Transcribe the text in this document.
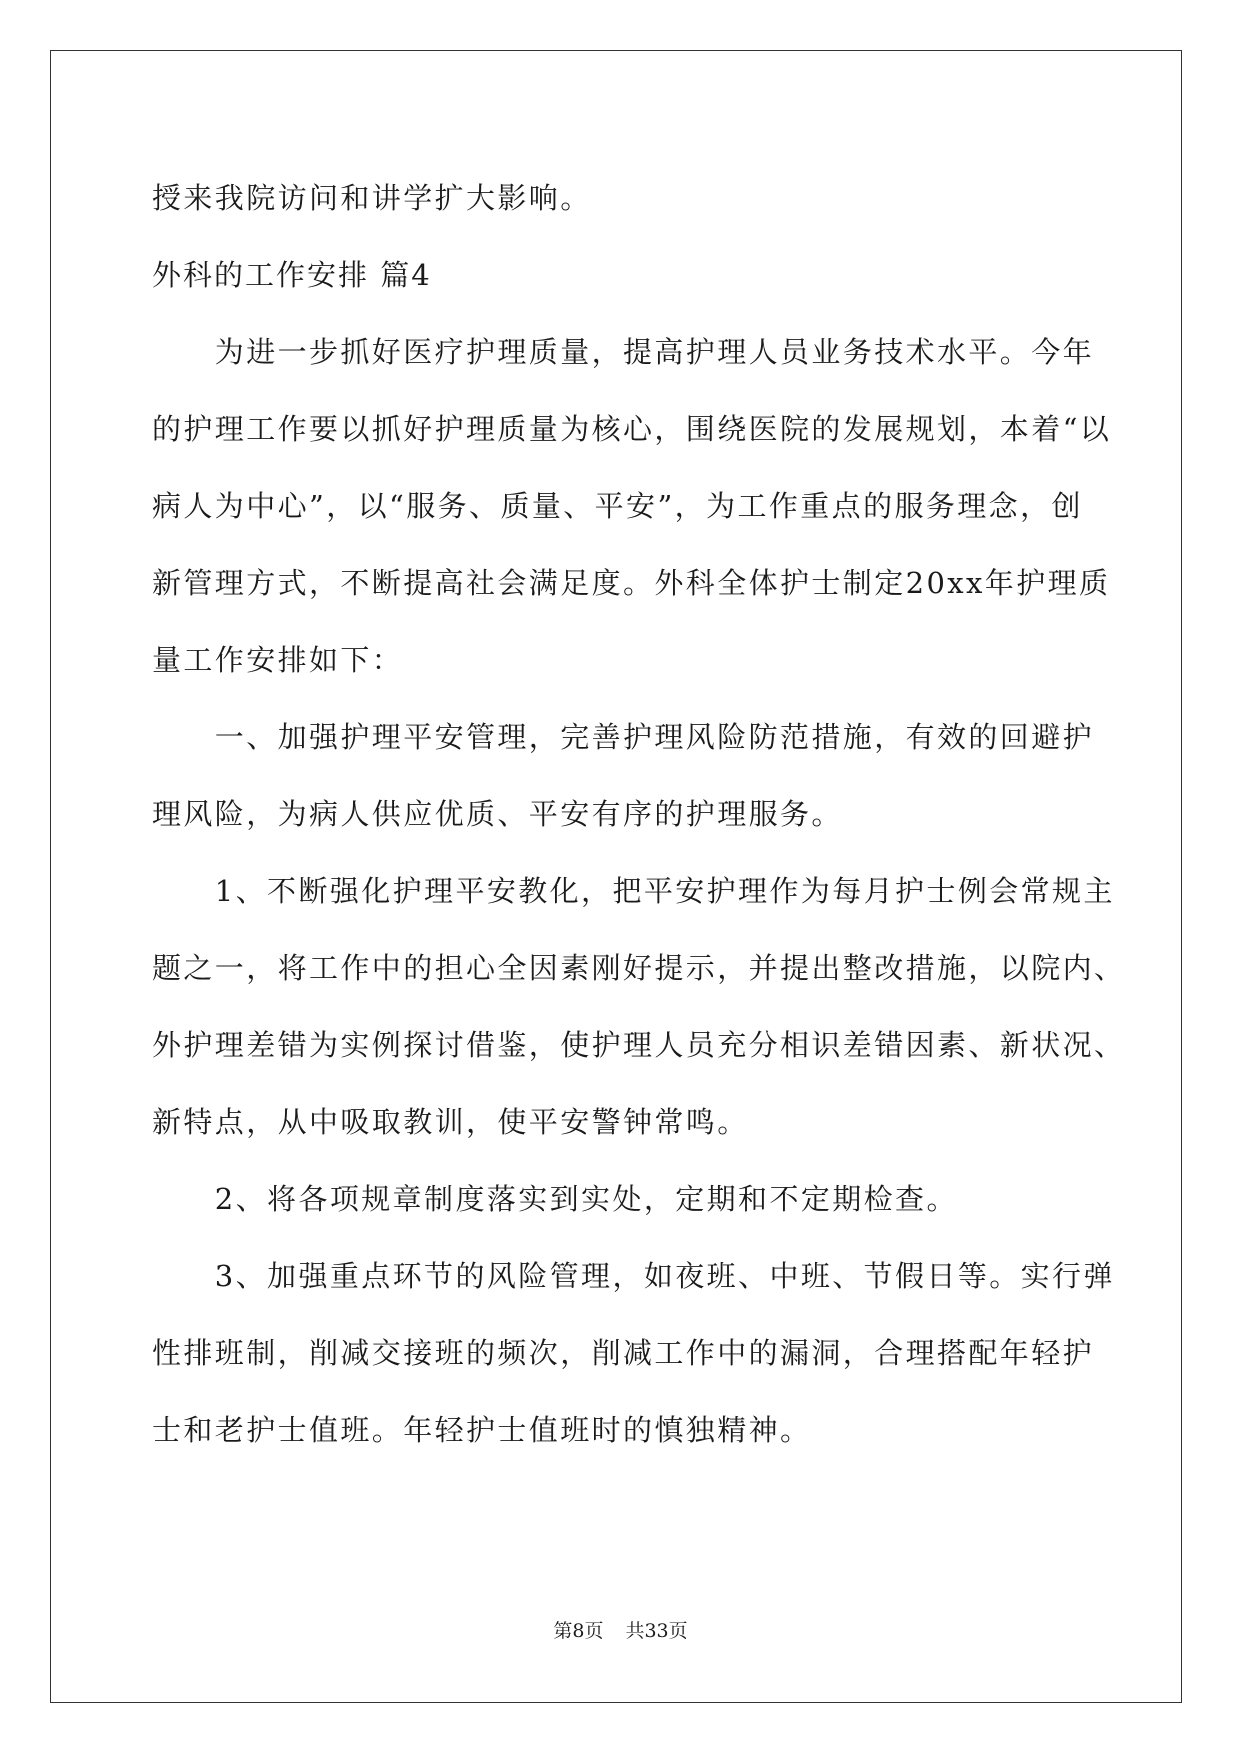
授来我院访问和讲学扩大影响。
外科的工作安排 篇4
　　为进一步抓好医疗护理质量，提高护理人员业务技术水平。今年
的护理工作要以抓好护理质量为核心，围绕医院的发展规划，本着“以
病人为中心”，以“服务、质量、平安”，为工作重点的服务理念，创
新管理方式，不断提高社会满足度。外科全体护士制定20xx年护理质
量工作安排如下：
　　一、加强护理平安管理，完善护理风险防范措施，有效的回避护
理风险，为病人供应优质、平安有序的护理服务。
　　1、不断强化护理平安教化，把平安护理作为每月护士例会常规主
题之一，将工作中的担心全因素刚好提示，并提出整改措施，以院内、
外护理差错为实例探讨借鉴，使护理人员充分相识差错因素、新状况、
新特点，从中吸取教训，使平安警钟常鸣。
　　2、将各项规章制度落实到实处，定期和不定期检查。
　　3、加强重点环节的风险管理，如夜班、中班、节假日等。实行弹
性排班制，削减交接班的频次，削减工作中的漏洞，合理搭配年轻护
士和老护士值班。年轻护士值班时的慎独精神。
第8页 共33页
